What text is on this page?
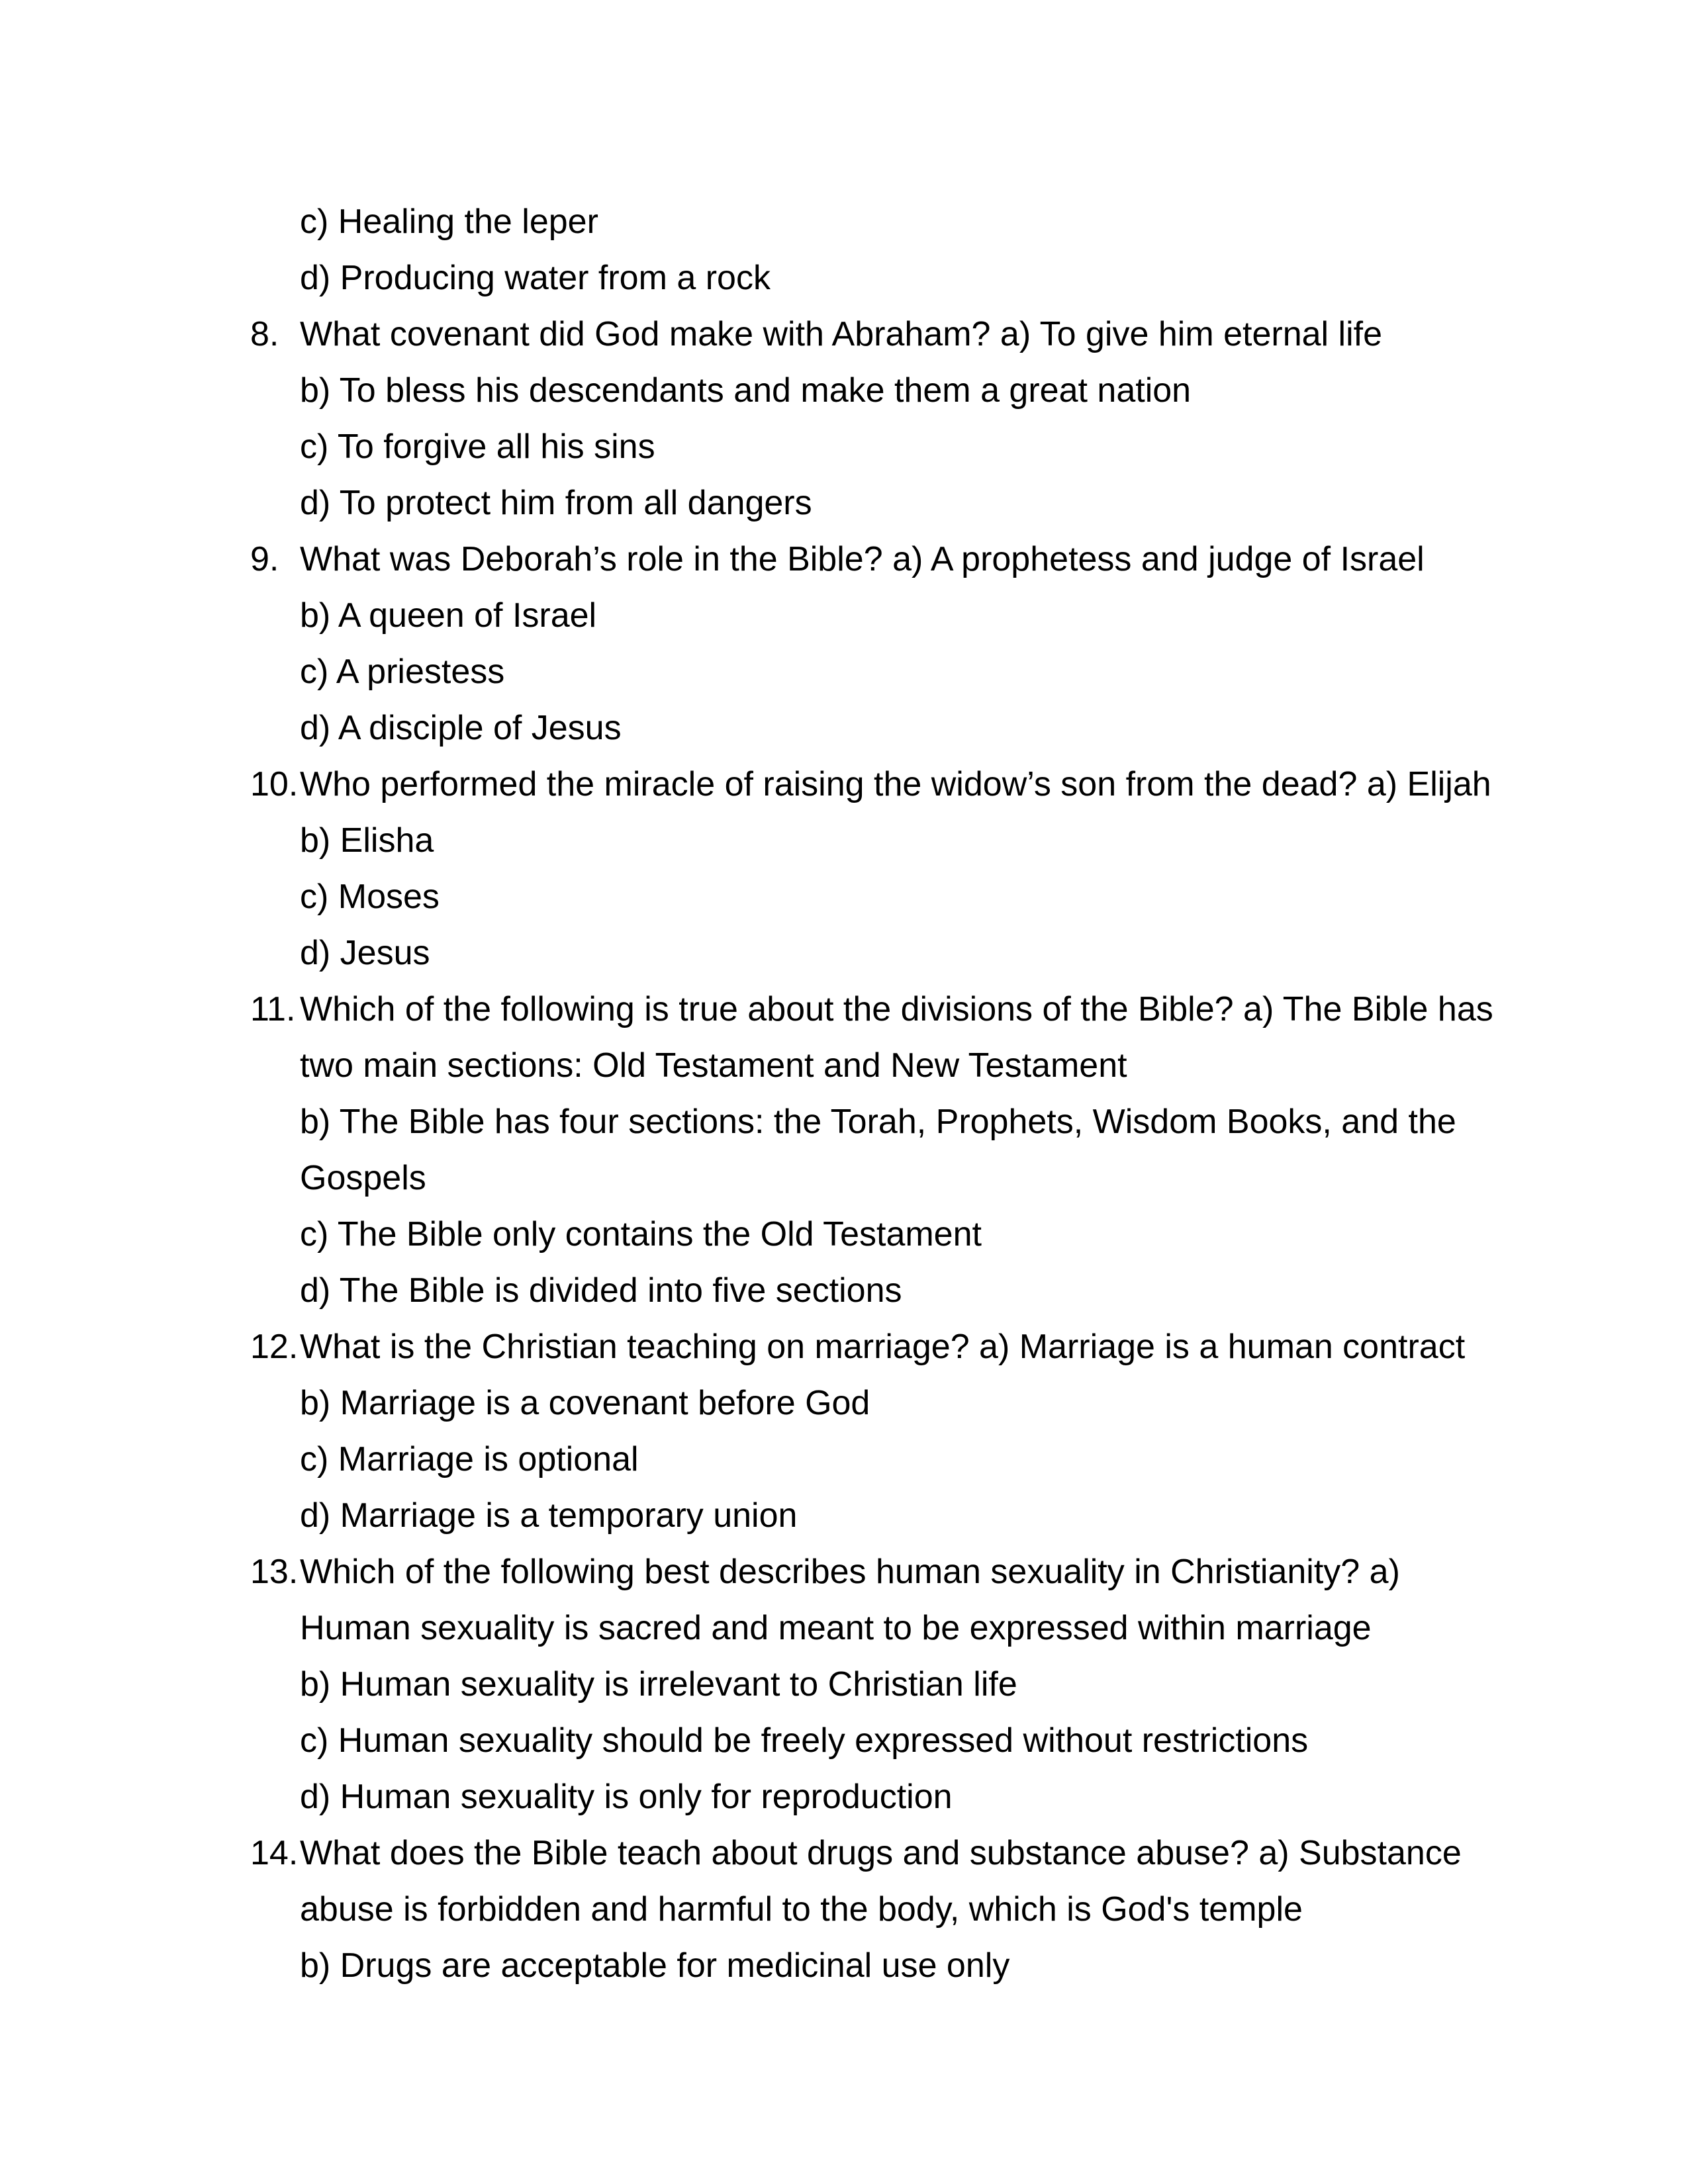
c) Healing the leper
d) Producing water from a rock
8. What covenant did God make with Abraham? a) To give him eternal life
b) To bless his descendants and make them a great nation
c) To forgive all his sins
d) To protect him from all dangers
9. What was Deborah’s role in the Bible? a) A prophetess and judge of Israel
b) A queen of Israel
c) A priestess
d) A disciple of Jesus
10. Who performed the miracle of raising the widow’s son from the dead? a) Elijah
b) Elisha
c) Moses
d) Jesus
11. Which of the following is true about the divisions of the Bible? a) The Bible has two main sections: Old Testament and New Testament
b) The Bible has four sections: the Torah, Prophets, Wisdom Books, and the Gospels
c) The Bible only contains the Old Testament
d) The Bible is divided into five sections
12. What is the Christian teaching on marriage? a) Marriage is a human contract
b) Marriage is a covenant before God
c) Marriage is optional
d) Marriage is a temporary union
13. Which of the following best describes human sexuality in Christianity? a) Human sexuality is sacred and meant to be expressed within marriage
b) Human sexuality is irrelevant to Christian life
c) Human sexuality should be freely expressed without restrictions
d) Human sexuality is only for reproduction
14. What does the Bible teach about drugs and substance abuse? a) Substance abuse is forbidden and harmful to the body, which is God's temple
b) Drugs are acceptable for medicinal use only
